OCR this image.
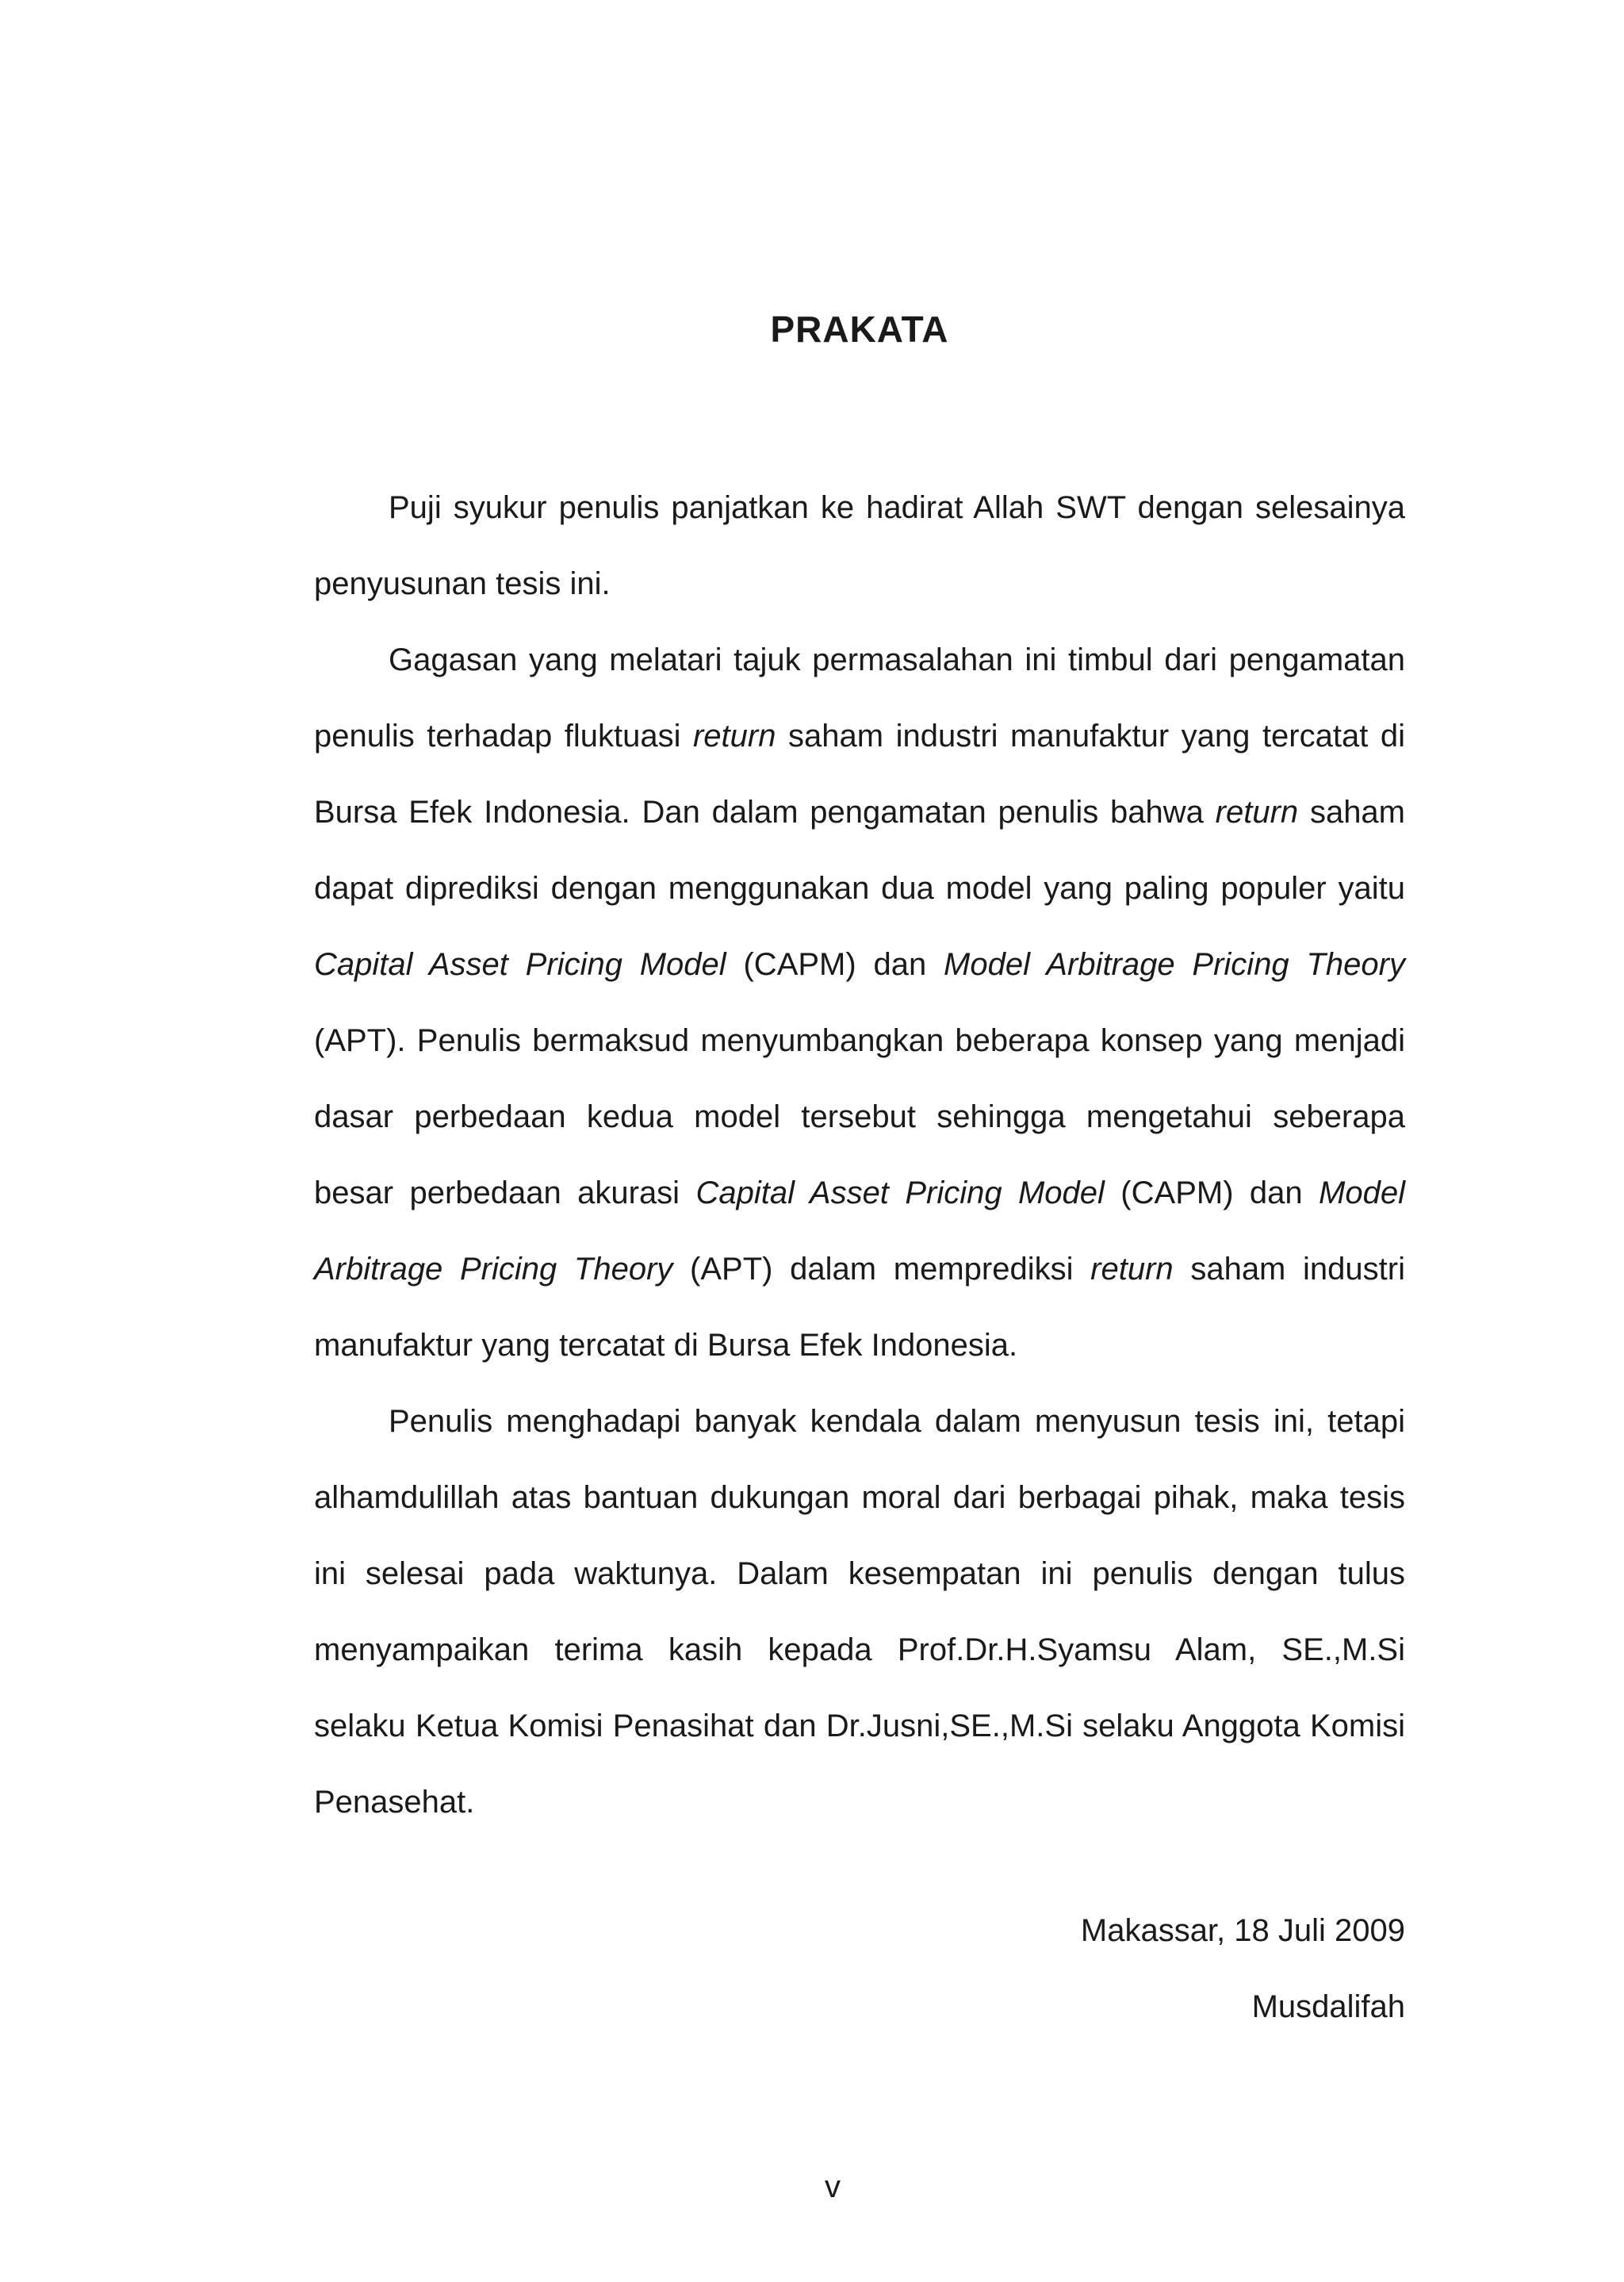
PRAKATA

Puji syukur penulis panjatkan ke hadirat Allah SWT dengan selesainya penyusunan tesis ini.

Gagasan yang melatari tajuk permasalahan ini timbul dari pengamatan penulis terhadap fluktuasi return saham industri manufaktur yang tercatat di Bursa Efek Indonesia. Dan dalam pengamatan penulis bahwa return saham dapat diprediksi dengan menggunakan dua model yang paling populer yaitu Capital Asset Pricing Model (CAPM) dan Model Arbitrage Pricing Theory (APT). Penulis bermaksud menyumbangkan beberapa konsep yang menjadi dasar perbedaan kedua model tersebut sehingga mengetahui seberapa besar perbedaan akurasi Capital Asset Pricing Model (CAPM) dan Model Arbitrage Pricing Theory (APT) dalam memprediksi return saham industri manufaktur yang tercatat di Bursa Efek Indonesia.

Penulis menghadapi banyak kendala dalam menyusun tesis ini, tetapi alhamdulillah atas bantuan dukungan moral dari berbagai pihak, maka tesis ini selesai pada waktunya. Dalam kesempatan ini penulis dengan tulus menyampaikan terima kasih kepada Prof.Dr.H.Syamsu Alam, SE.,M.Si selaku Ketua Komisi Penasihat dan Dr.Jusni,SE.,M.Si selaku Anggota Komisi Penasehat.

Makassar, 18 Juli 2009

Musdalifah

v
